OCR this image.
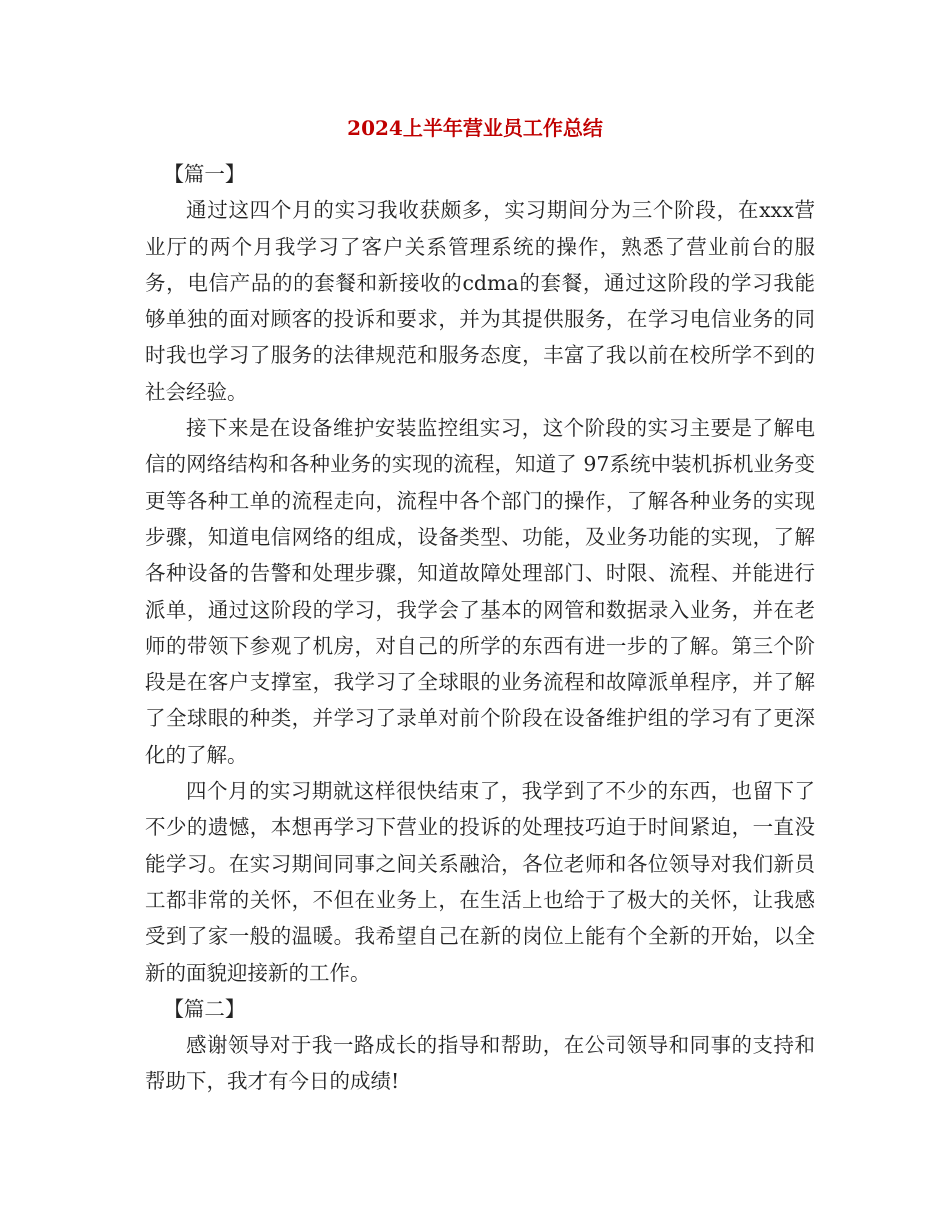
2024上半年营业员工作总结

【篇一】

通过这四个月的实习我收获颇多，实习期间分为三个阶段，在xxx营业厅的两个月我学习了客户关系管理系统的操作，熟悉了营业前台的服务，电信产品的的套餐和新接收的cdma的套餐，通过这阶段的学习我能够单独的面对顾客的投诉和要求，并为其提供服务，在学习电信业务的同时我也学习了服务的法律规范和服务态度，丰富了我以前在校所学不到的社会经验。

接下来是在设备维护安装监控组实习，这个阶段的实习主要是了解电信的网络结构和各种业务的实现的流程，知道了 97系统中装机拆机业务变更等各种工单的流程走向，流程中各个部门的操作，了解各种业务的实现步骤，知道电信网络的组成，设备类型、功能，及业务功能的实现，了解各种设备的告警和处理步骤，知道故障处理部门、时限、流程、并能进行派单，通过这阶段的学习，我学会了基本的网管和数据录入业务，并在老师的带领下参观了机房，对自己的所学的东西有进一步的了解。第三个阶段是在客户支撑室，我学习了全球眼的业务流程和故障派单程序，并了解了全球眼的种类，并学习了录单对前个阶段在设备维护组的学习有了更深化的了解。

四个月的实习期就这样很快结束了，我学到了不少的东西，也留下了不少的遗憾，本想再学习下营业的投诉的处理技巧迫于时间紧迫，一直没能学习。在实习期间同事之间关系融洽，各位老师和各位领导对我们新员工都非常的关怀，不但在业务上，在生活上也给于了极大的关怀，让我感受到了家一般的温暖。我希望自己在新的岗位上能有个全新的开始，以全新的面貌迎接新的工作。

【篇二】

感谢领导对于我一路成长的指导和帮助，在公司领导和同事的支持和帮助下，我才有今日的成绩!
